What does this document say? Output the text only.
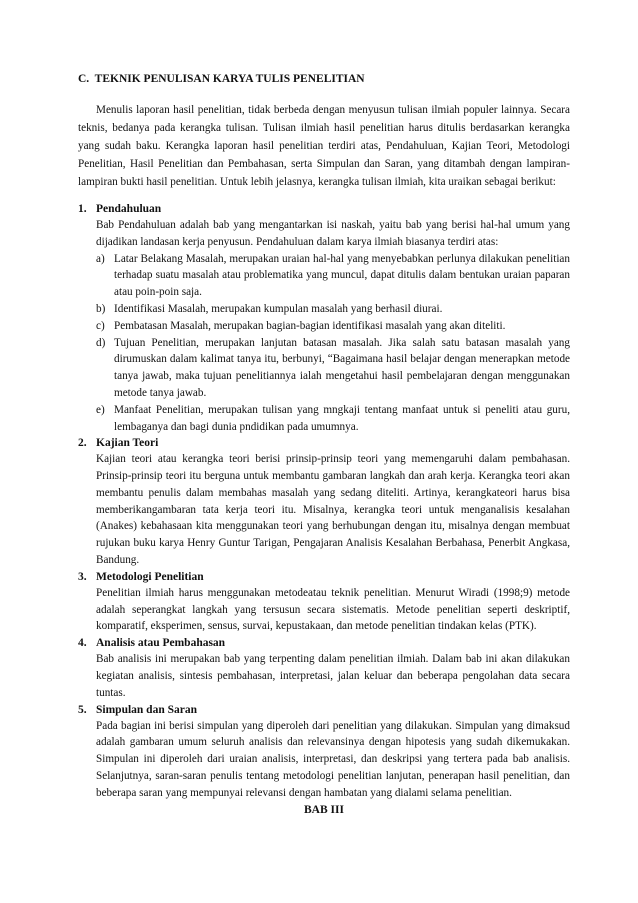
C. TEKNIK PENULISAN KARYA TULIS PENELITIAN

Menulis laporan hasil penelitian, tidak berbeda dengan menyusun tulisan ilmiah populer lainnya. Secara teknis, bedanya pada kerangka tulisan. Tulisan ilmiah hasil penelitian harus ditulis berdasarkan kerangka yang sudah baku. Kerangka laporan hasil penelitian terdiri atas, Pendahuluan, Kajian Teori, Metodologi Penelitian, Hasil Penelitian dan Pembahasan, serta Simpulan dan Saran, yang ditambah dengan lampiran-lampiran bukti hasil penelitian. Untuk lebih jelasnya, kerangka tulisan ilmiah, kita uraikan sebagai berikut:

1. Pendahuluan
Bab Pendahuluan adalah bab yang mengantarkan isi naskah, yaitu bab yang berisi hal-hal umum yang dijadikan landasan kerja penyusun. Pendahuluan dalam karya ilmiah biasanya terdiri atas:
a) Latar Belakang Masalah, merupakan uraian hal-hal yang menyebabkan perlunya dilakukan penelitian terhadap suatu masalah atau problematika yang muncul, dapat ditulis dalam bentukan uraian paparan atau poin-poin saja.
b) Identifikasi Masalah, merupakan kumpulan masalah yang berhasil diurai.
c) Pembatasan Masalah, merupakan bagian-bagian identifikasi masalah yang akan diteliti.
d) Tujuan Penelitian, merupakan lanjutan batasan masalah. Jika salah satu batasan masalah yang dirumuskan dalam kalimat tanya itu, berbunyi, “Bagaimana hasil belajar dengan menerapkan metode tanya jawab, maka tujuan penelitiannya ialah mengetahui hasil pembelajaran dengan menggunakan metode tanya jawab.
e) Manfaat Penelitian, merupakan tulisan yang mngkaji tentang manfaat untuk si peneliti atau guru, lembaganya dan bagi dunia pndidikan pada umumnya.
2. Kajian Teori
Kajian teori atau kerangka teori berisi prinsip-prinsip teori yang memengaruhi dalam pembahasan. Prinsip-prinsip teori itu berguna untuk membantu gambaran langkah dan arah kerja. Kerangka teori akan membantu penulis dalam membahas masalah yang sedang diteliti. Artinya, kerangkateori harus bisa memberikangambaran tata kerja teori itu. Misalnya, kerangka teori untuk menganalisis kesalahan (Anakes) kebahasaan kita menggunakan teori yang berhubungan dengan itu, misalnya dengan membuat rujukan buku karya Henry Guntur Tarigan, Pengajaran Analisis Kesalahan Berbahasa, Penerbit Angkasa, Bandung.
3. Metodologi Penelitian
Penelitian ilmiah harus menggunakan metodeatau teknik penelitian. Menurut Wiradi (1998;9) metode adalah seperangkat langkah yang tersusun secara sistematis. Metode penelitian seperti deskriptif, komparatif, eksperimen, sensus, survai, kepustakaan, dan metode penelitian tindakan kelas (PTK).
4. Analisis atau Pembahasan
Bab analisis ini merupakan bab yang terpenting dalam penelitian ilmiah. Dalam bab ini akan dilakukan kegiatan analisis, sintesis pembahasan, interpretasi, jalan keluar dan beberapa pengolahan data secara tuntas.
5. Simpulan dan Saran
Pada bagian ini berisi simpulan yang diperoleh dari penelitian yang dilakukan. Simpulan yang dimaksud adalah gambaran umum seluruh analisis dan relevansinya dengan hipotesis yang sudah dikemukakan. Simpulan ini diperoleh dari uraian analisis, interpretasi, dan deskripsi yang tertera pada bab analisis. Selanjutnya, saran-saran penulis tentang metodologi penelitian lanjutan, penerapan hasil penelitian, dan beberapa saran yang mempunyai relevansi dengan hambatan yang dialami selama penelitian.
BAB III
